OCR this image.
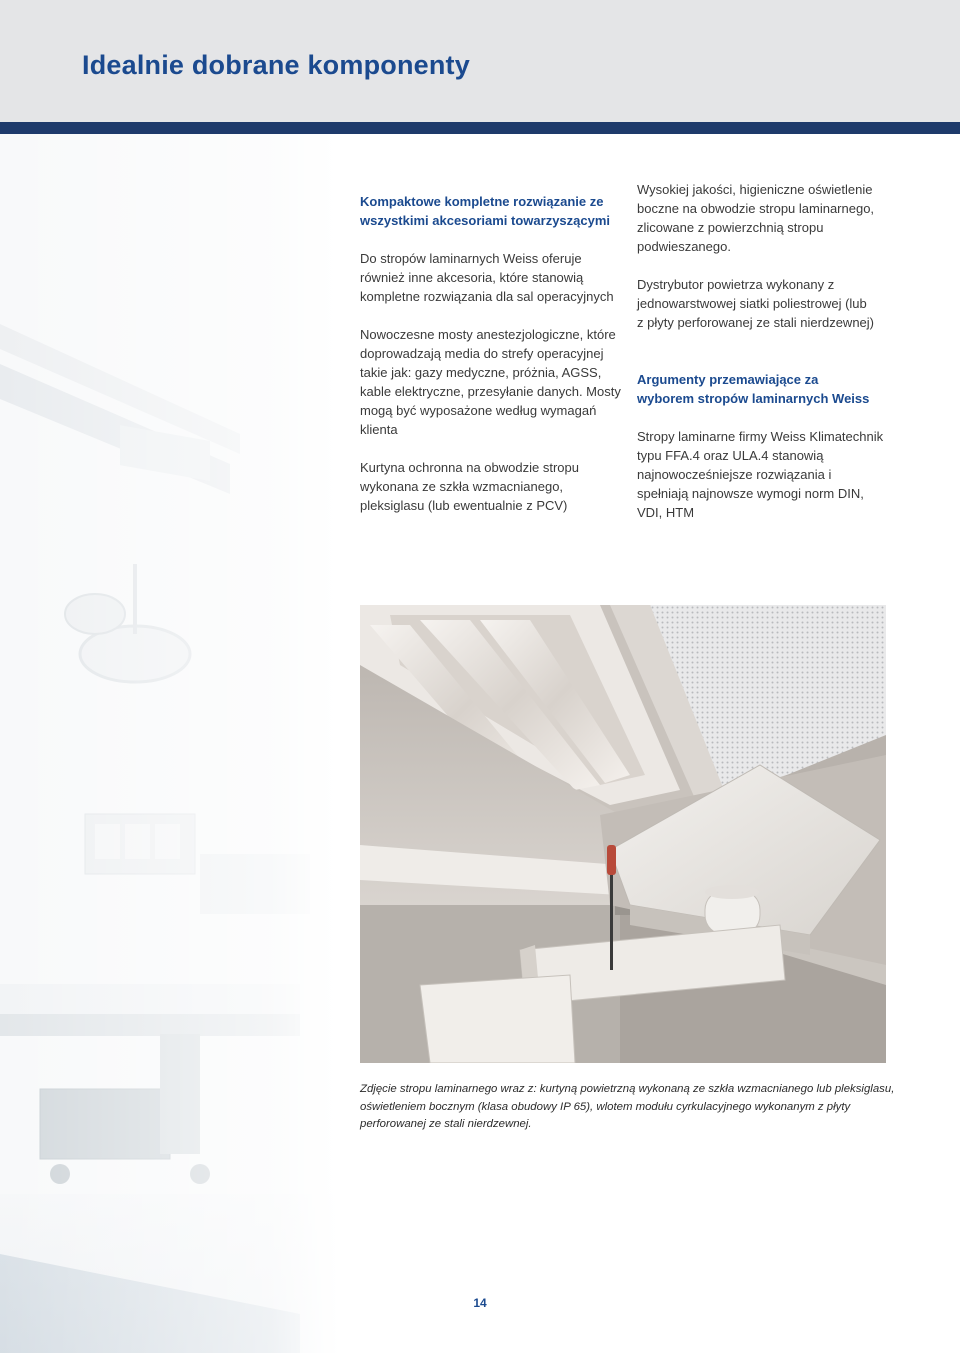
Idealnie dobrane komponenty

Kompaktowe kompletne rozwiązanie ze
wszystkimi akcesoriami towarzyszącymi

Do stropów laminarnych Weiss oferuje
również inne akcesoria, które stanowią
kompletne rozwiązania dla sal operacyjnych

Nowoczesne mosty anestezjologiczne, które
doprowadzają media do strefy operacyjnej
takie jak: gazy medyczne, próżnia, AGSS,
kable elektryczne, przesyłanie danych. Mosty
mogą być wyposażone według wymagań
klienta

Kurtyna ochronna na obwodzie stropu
wykonana ze szkła wzmacnianego,
pleksiglasu (lub ewentualnie z PCV)

Wysokiej jakości, higieniczne oświetlenie
boczne na obwodzie stropu laminarnego,
zlicowane z powierzchnią stropu
podwieszanego.

Dystrybutor powietrza wykonany z
jednowarstwowej siatki poliestrowej (lub
z płyty perforowanej ze stali nierdzewnej)

Argumenty przemawiające za
wyborem stropów laminarnych Weiss

Stropy laminarne firmy Weiss Klimatechnik
typu FFA.4 oraz ULA.4 stanowią
najnowocześniejsze rozwiązania i
spełniają najnowsze wymogi norm DIN,
VDI, HTM

Zdjęcie stropu laminarnego wraz z: kurtyną powietrzną wykonaną ze szkła wzmacnianego lub pleksiglasu,
oświetleniem bocznym (klasa obudowy IP 65), wlotem modułu cyrkulacyjnego wykonanym z płyty
perforowanej ze stali nierdzewnej.

14
